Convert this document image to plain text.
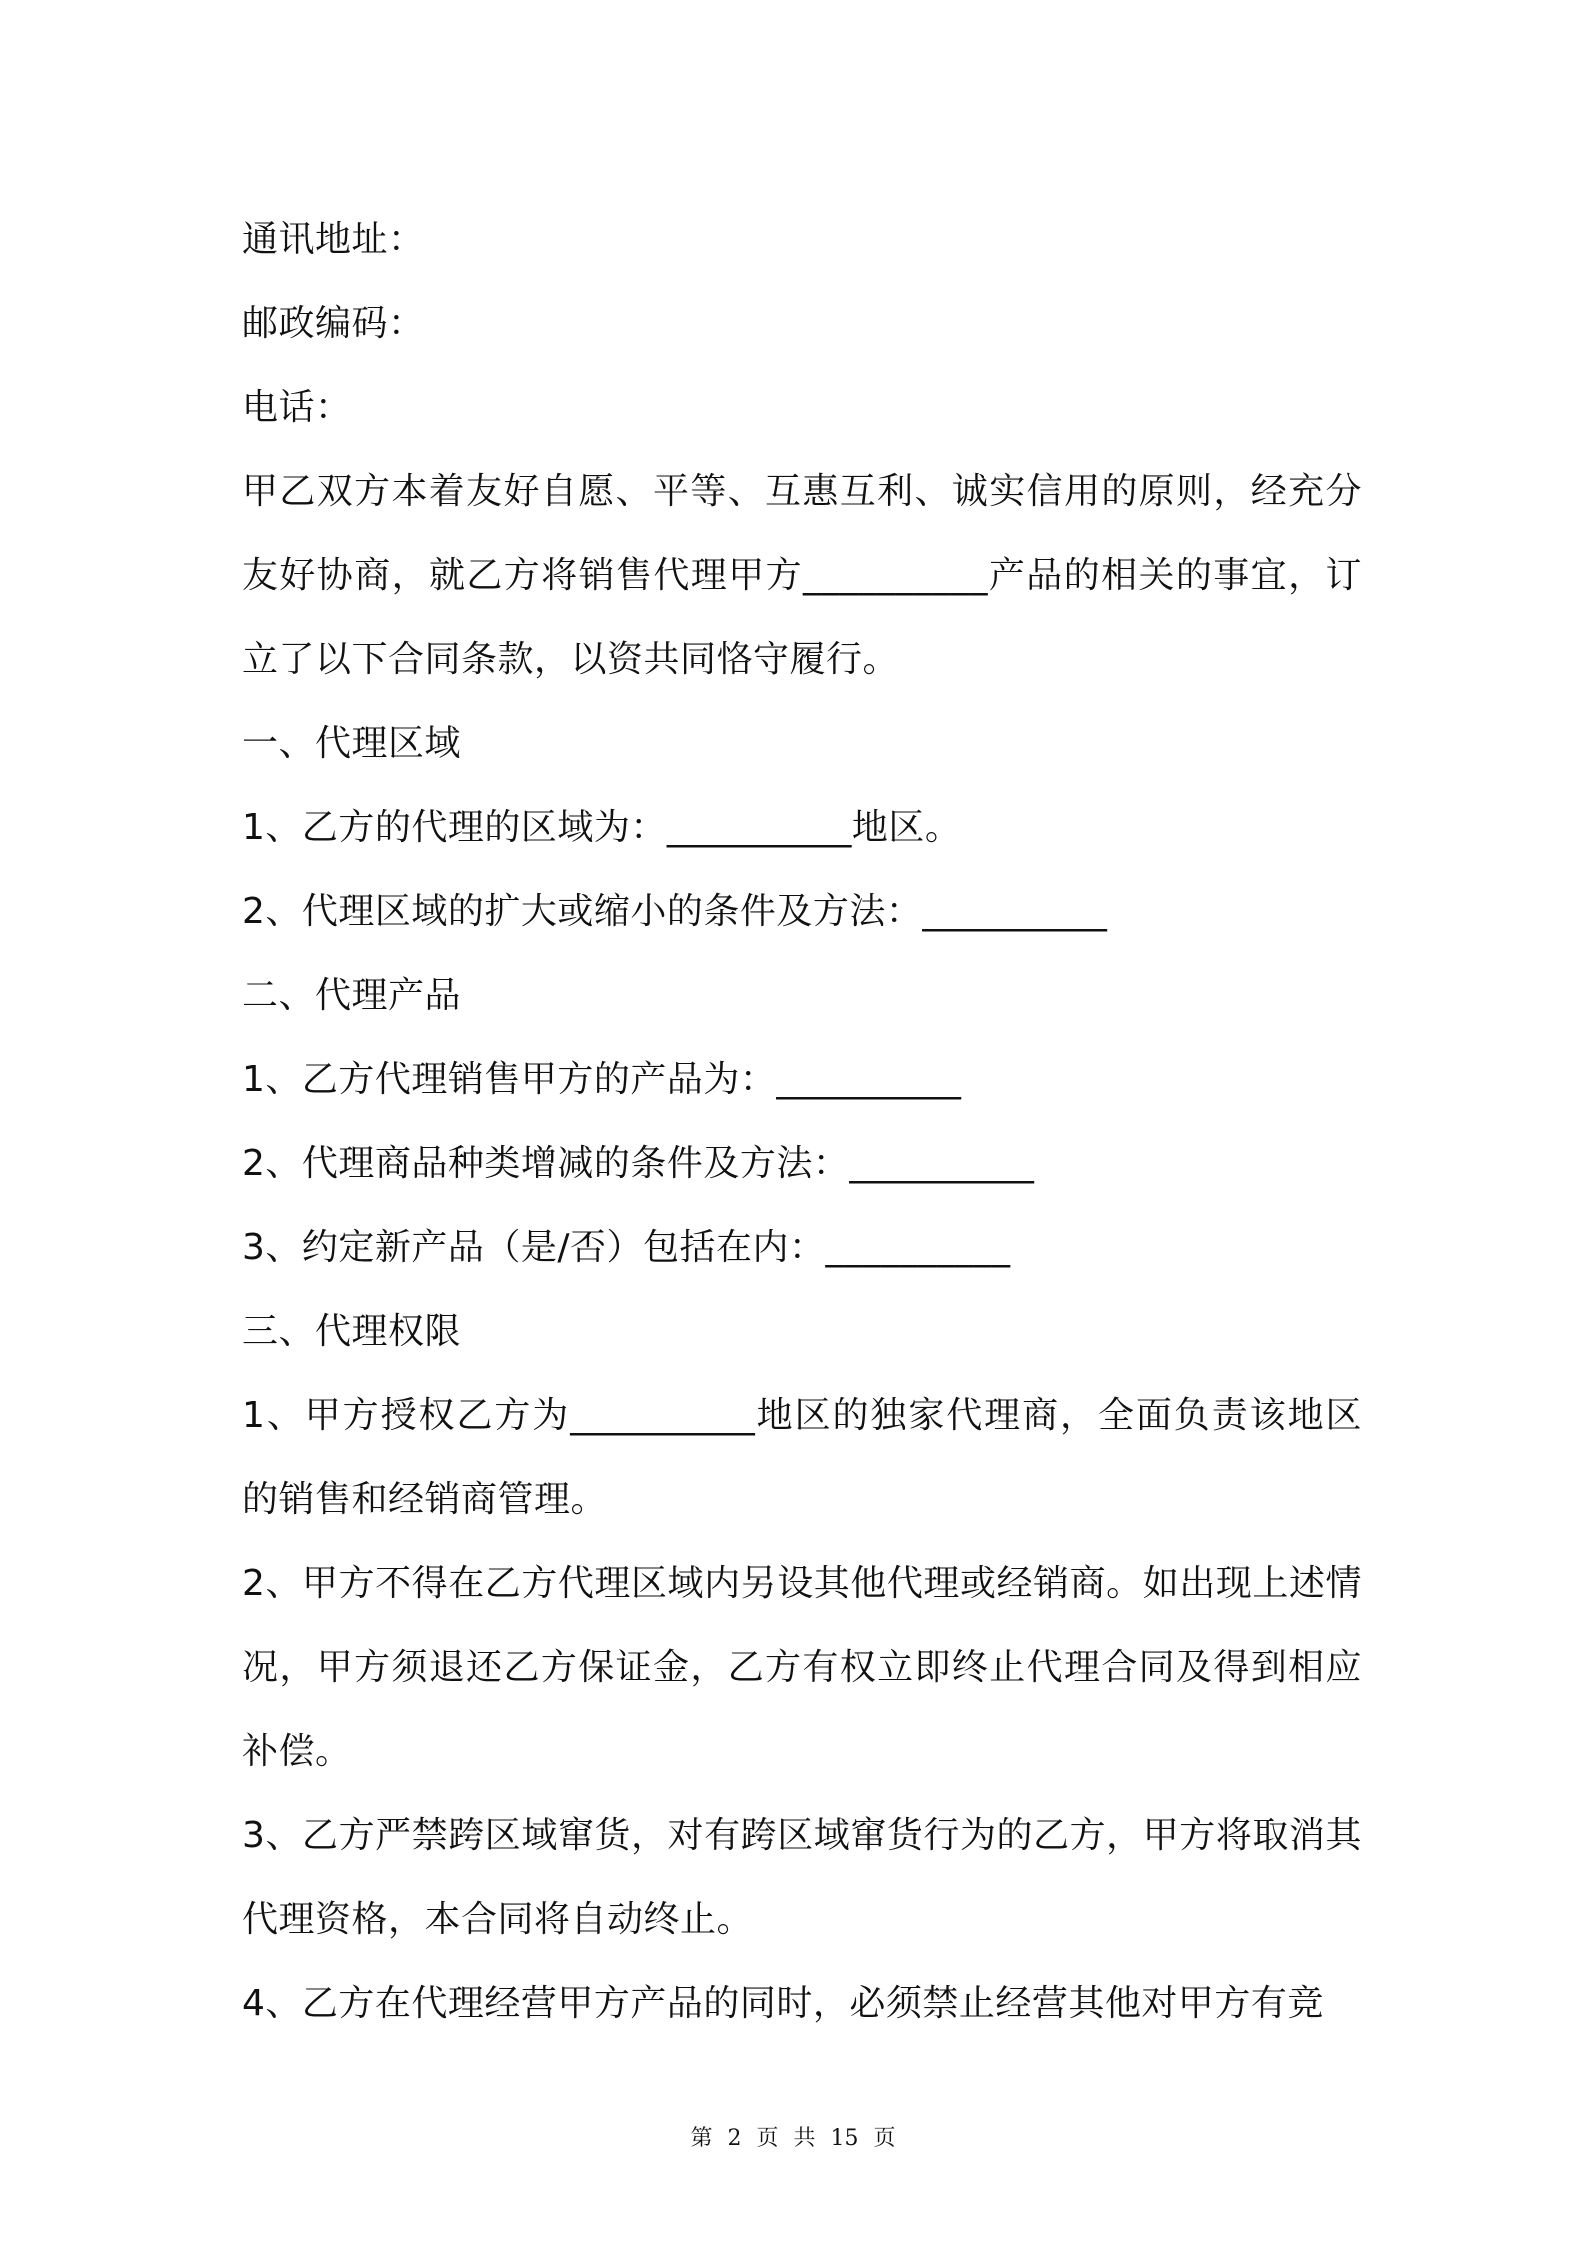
通讯地址：

邮政编码：

电话：

甲乙双方本着友好自愿、平等、互惠互利、诚实信用的原则，经充分友好协商，就乙方将销售代理甲方__________产品的相关的事宜，订立了以下合同条款，以资共同恪守履行。

一、代理区域

1、乙方的代理的区域为：__________地区。

2、代理区域的扩大或缩小的条件及方法：__________

二、代理产品

1、乙方代理销售甲方的产品为：__________

2、代理商品种类增减的条件及方法：__________

3、约定新产品（是/否）包括在内：__________

三、代理权限

1、甲方授权乙方为__________地区的独家代理商，全面负责该地区的销售和经销商管理。

2、甲方不得在乙方代理区域内另设其他代理或经销商。如出现上述情况，甲方须退还乙方保证金，乙方有权立即终止代理合同及得到相应补偿。

3、乙方严禁跨区域窜货，对有跨区域窜货行为的乙方，甲方将取消其代理资格，本合同将自动终止。

4、乙方在代理经营甲方产品的同时，必须禁止经营其他对甲方有竞

第 2 页 共 15 页
